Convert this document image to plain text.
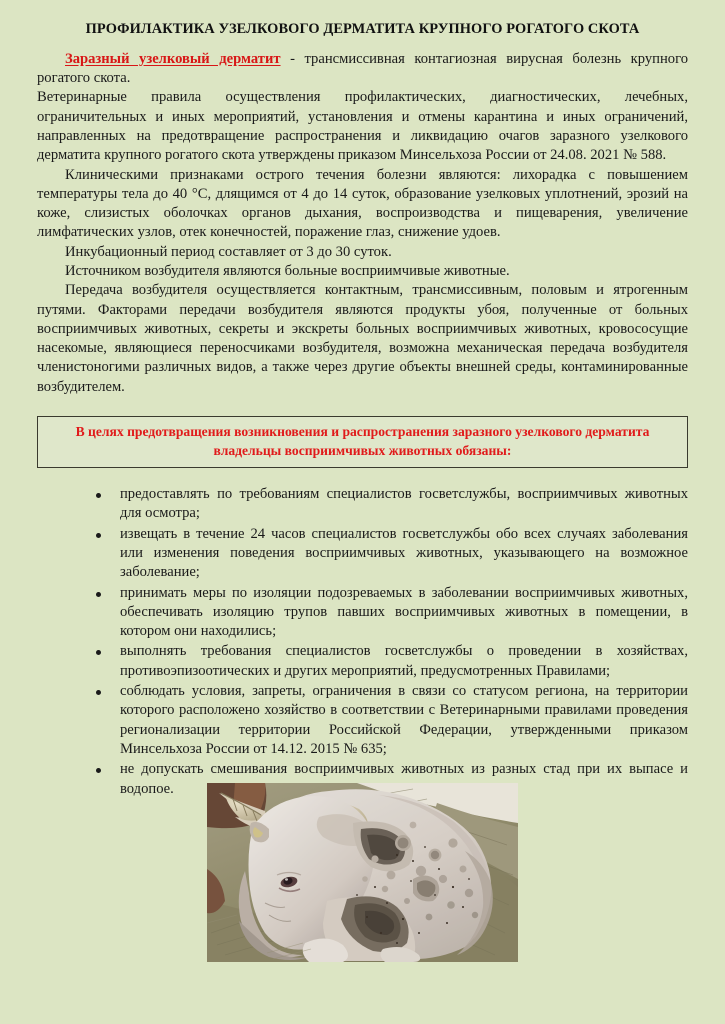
ПРОФИЛАКТИКА УЗЕЛКОВОГО ДЕРМАТИТА КРУПНОГО РОГАТОГО СКОТА

Заразный узелковый дерматит - трансмиссивная контагиозная вирусная болезнь крупного рогатого скота.

Ветеринарные правила осуществления профилактических, диагностических, лечебных, ограничительных и иных мероприятий, установления и отмены карантина и иных ограничений, направленных на предотвращение распространения и ликвидацию очагов заразного узелкового дерматита крупного рогатого скота утверждены приказом Минсельхоза России от 24.08. 2021 № 588.

Клиническими признаками острого течения болезни являются: лихорадка с повышением температуры тела до 40 °C, длящимся от 4 до 14 суток, образование узелковых уплотнений, эрозий на коже, слизистых оболочках органов дыхания, воспроизводства и пищеварения, увеличение лимфатических узлов, отек конечностей, поражение глаз, снижение удоев.

Инкубационный период составляет от 3 до 30 суток.

Источником возбудителя являются больные восприимчивые животные.

Передача возбудителя осуществляется контактным, трансмиссивным, половым и ятрогенным путями. Факторами передачи возбудителя являются продукты убоя, полученные от больных восприимчивых животных, секреты и экскреты больных восприимчивых животных, кровососущие насекомые, являющиеся переносчиками возбудителя, возможна механическая передача возбудителя членистоногими различных видов, а также через другие объекты внешней среды, контаминированные возбудителем.

В целях предотвращения возникновения и распространения заразного узелкового дерматита владельцы восприимчивых животных обязаны:

предоставлять по требованиям специалистов госветслужбы, восприимчивых животных для осмотра;
извещать в течение 24 часов специалистов госветслужбы обо всех случаях заболевания или изменения поведения восприимчивых животных, указывающего на возможное заболевание;
принимать меры по изоляции подозреваемых в заболевании восприимчивых животных, обеспечивать изоляцию трупов павших восприимчивых животных в помещении, в котором они находились;
выполнять требования специалистов госветслужбы о проведении в хозяйствах, противоэпизоотических и других мероприятий, предусмотренных Правилами;
соблюдать условия, запреты, ограничения в связи со статусом региона, на территории которого расположено хозяйство в соответствии с Ветеринарными правилами проведения регионализации территории Российской Федерации, утвержденными приказом Минсельхоза России от 14.12. 2015 № 635;
не допускать смешивания восприимчивых животных из разных стад при их выпасе и водопое.
